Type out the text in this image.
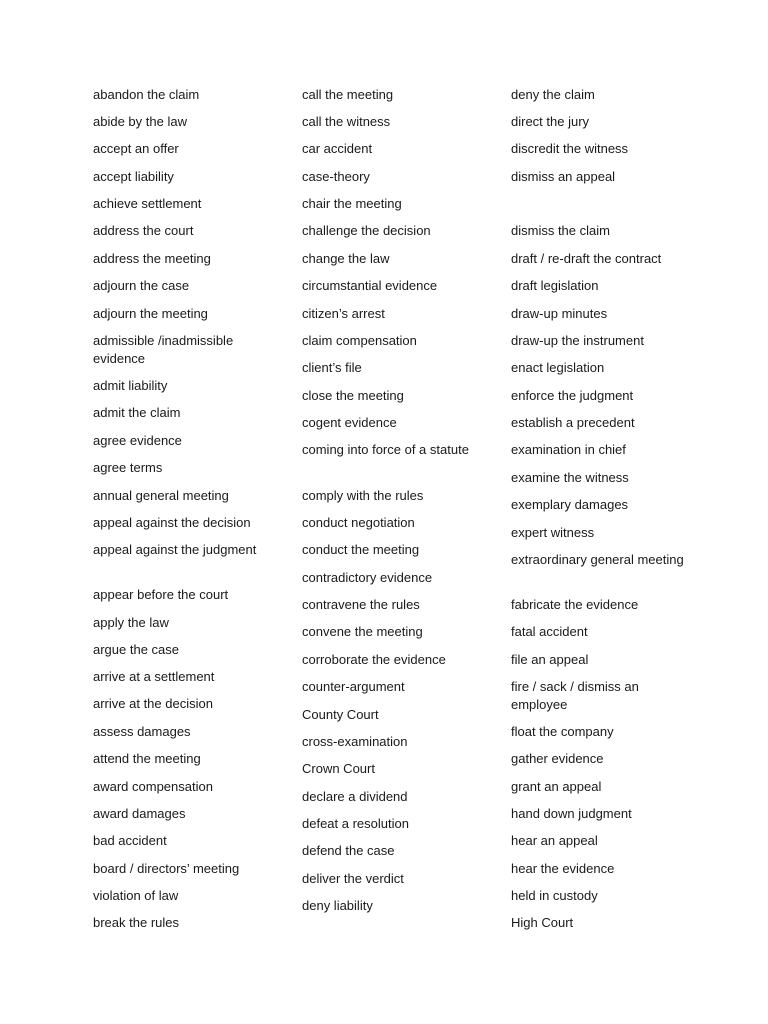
abandon the claim
abide by the law
accept an offer
accept liability
achieve settlement
address the court
address the meeting
adjourn the case
adjourn the meeting
admissible /inadmissible evidence
admit liability
admit the claim
agree evidence
agree terms
annual general meeting
appeal against the decision
appeal against the judgment
appear before the court
apply the law
argue the case
arrive at a settlement
arrive at the decision
assess damages
attend the meeting
award compensation
award damages
bad accident
board / directors’ meeting
violation of law
break the rules
call the meeting
call the witness
car accident
case-theory
chair the meeting
challenge the decision
change the law
circumstantial evidence
citizen’s arrest
claim compensation
client’s file
close the meeting
cogent evidence
coming into force of a statute
comply with the rules
conduct negotiation
conduct the meeting
contradictory evidence
contravene the rules
convene the meeting
corroborate the evidence
counter-argument
County Court
cross-examination
Crown Court
declare a dividend
defeat a resolution
defend the case
deliver the verdict
deny liability
deny the claim
direct the jury
discredit the witness
dismiss an appeal
dismiss the claim
draft / re-draft the contract
draft legislation
draw-up minutes
draw-up the instrument
enact legislation
enforce the judgment
establish a precedent
examination in chief
examine the witness
exemplary damages
expert witness
extraordinary general meeting
fabricate the evidence
fatal accident
file an appeal
fire / sack / dismiss an employee
float the company
gather evidence
grant an appeal
hand down judgment
hear an appeal
hear the evidence
held in custody
High Court
